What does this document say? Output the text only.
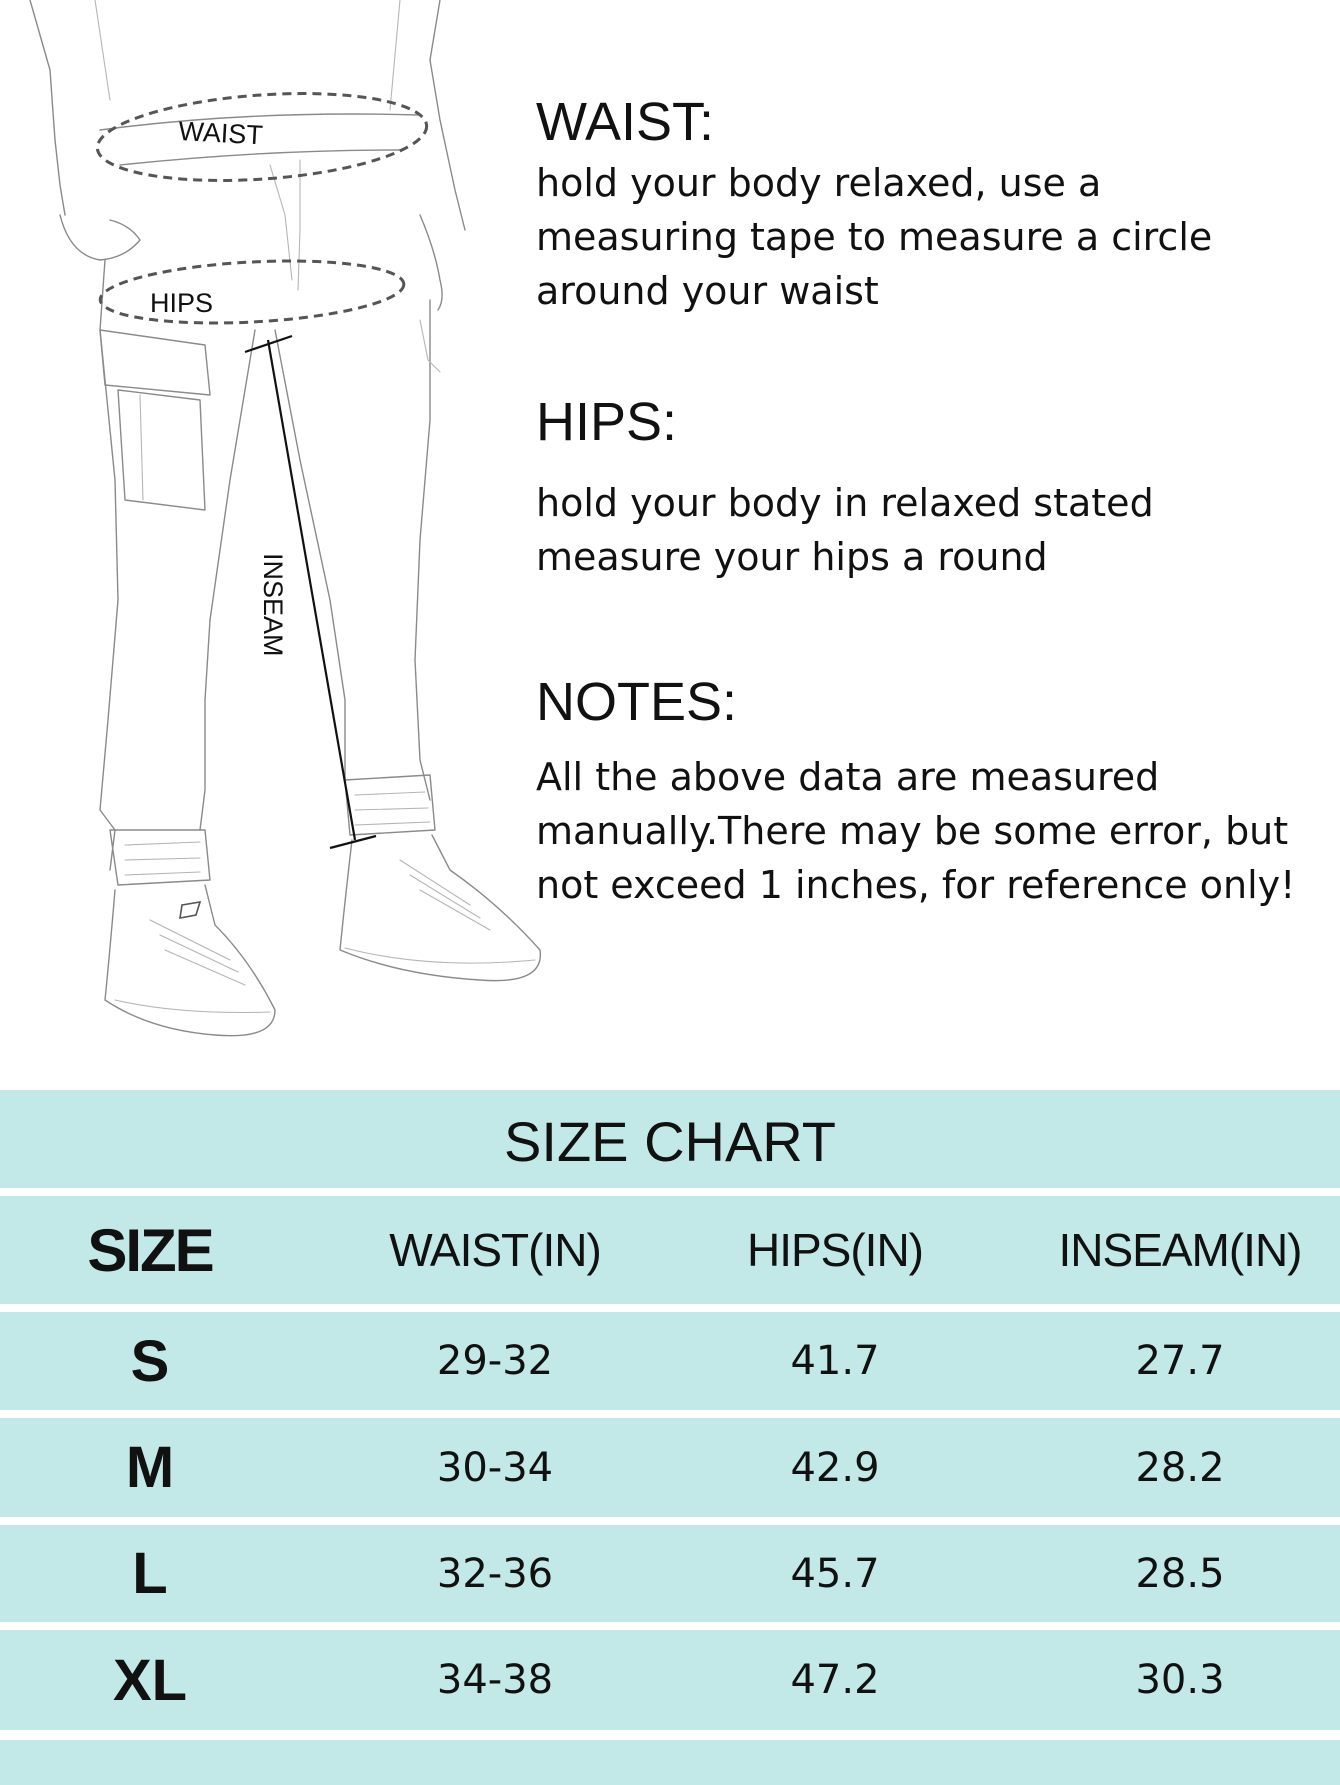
WAIST
HIPS
INSEAM
WAIST:

hold your body relaxed, use a
measuring tape to measure a circle
around your waist

HIPS:

hold your body in relaxed stated
measure your hips a round

NOTES:

All the above data are measured
manually.There may be some error, but
not exceed 1 inches, for reference only!

SIZE CHART
SIZE	WAIST(IN)	HIPS(IN)	INSEAM(IN)
S	29-32	41.7	27.7
M	30-34	42.9	28.2
L	32-36	45.7	28.5
XL	34-38	47.2	30.3
